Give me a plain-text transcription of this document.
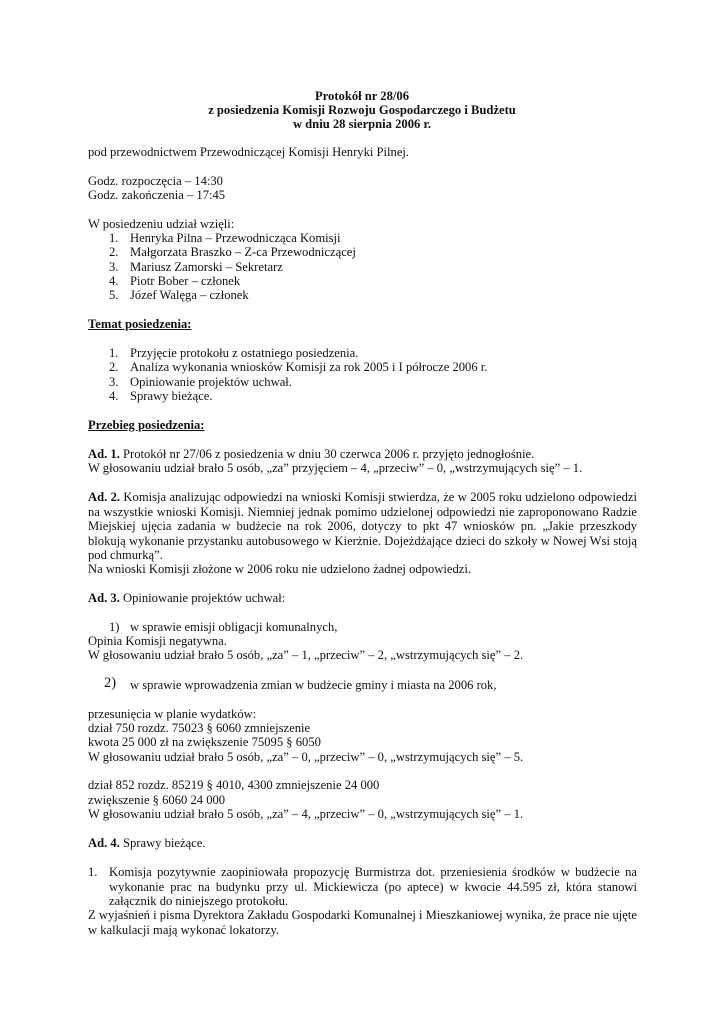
Protokół nr 28/06
z posiedzenia Komisji Rozwoju Gospodarczego i Budżetu
w dniu 28 sierpnia 2006 r.
pod przewodnictwem Przewodniczącej Komisji Henryki Pilnej.
Godz. rozpoczęcia – 14:30
Godz. zakończenia – 17:45
W posiedzeniu udział wzięli:
1. Henryka Pilna – Przewodnicząca Komisji
2. Małgorzata Braszko – Z-ca Przewodniczącej
3. Mariusz Zamorski – Sekretarz
4. Piotr Bober – członek
5. Józef Walęga – członek
Temat posiedzenia:
1. Przyjęcie protokołu z ostatniego posiedzenia.
2. Analiza wykonania wniosków Komisji za rok 2005 i I półrocze 2006 r.
3. Opiniowanie projektów uchwał.
4. Sprawy bieżące.
Przebieg posiedzenia:
Ad. 1. Protokół nr 27/06 z posiedzenia w dniu 30 czerwca 2006 r. przyjęto jednogłośnie.
W głosowaniu udział brało 5 osób, „za” przyjęciem – 4, „przeciw” – 0, „wstrzymujących się” – 1.
Ad. 2. Komisja analizując odpowiedzi na wnioski Komisji stwierdza, że w 2005 roku udzielono odpowiedzi na wszystkie wnioski Komisji. Niemniej jednak pomimo udzielonej odpowiedzi nie zaproponowano Radzie Miejskiej ujęcia zadania w budżecie na rok 2006, dotyczy to pkt 47 wniosków pn. „Jakie przeszkody blokują wykonanie przystanku autobusowego w Kierżnie. Dojeżdżające dzieci do szkoły w Nowej Wsi stoją pod chmurką”.
Na wnioski Komisji złożone w 2006 roku nie udzielono żadnej odpowiedzi.
Ad. 3. Opiniowanie projektów uchwał:
1) w sprawie emisji obligacji komunalnych,
Opinia Komisji negatywna.
W głosowaniu udział brało 5 osób, „za” – 1, „przeciw” – 2, „wstrzymujących się” – 2.
2) w sprawie wprowadzenia zmian w budżecie gminy i miasta na 2006 rok,
przesunięcia w planie wydatków:
dział 750 rozdz. 75023 § 6060 zmniejszenie
kwota 25 000 zł na zwiększenie 75095 § 6050
W głosowaniu udział brało 5 osób, „za” – 0, „przeciw” – 0, „wstrzymujących się” – 5.
dział 852 rozdz. 85219 § 4010, 4300 zmniejszenie 24 000
zwiększenie § 6060 24 000
W głosowaniu udział brało 5 osób, „za” – 4, „przeciw” – 0, „wstrzymujących się” – 1.
Ad. 4. Sprawy bieżące.
1. Komisja pozytywnie zaopiniowała propozycję Burmistrza dot. przeniesienia środków w budżecie na wykonanie prac na budynku przy ul. Mickiewicza (po aptece) w kwocie 44.595 zł, która stanowi załącznik do niniejszego protokołu.
Z wyjaśnień i pisma Dyrektora Zakładu Gospodarki Komunalnej i Mieszkaniowej wynika, że prace nie ujęte w kalkulacji mają wykonać lokatorzy.
